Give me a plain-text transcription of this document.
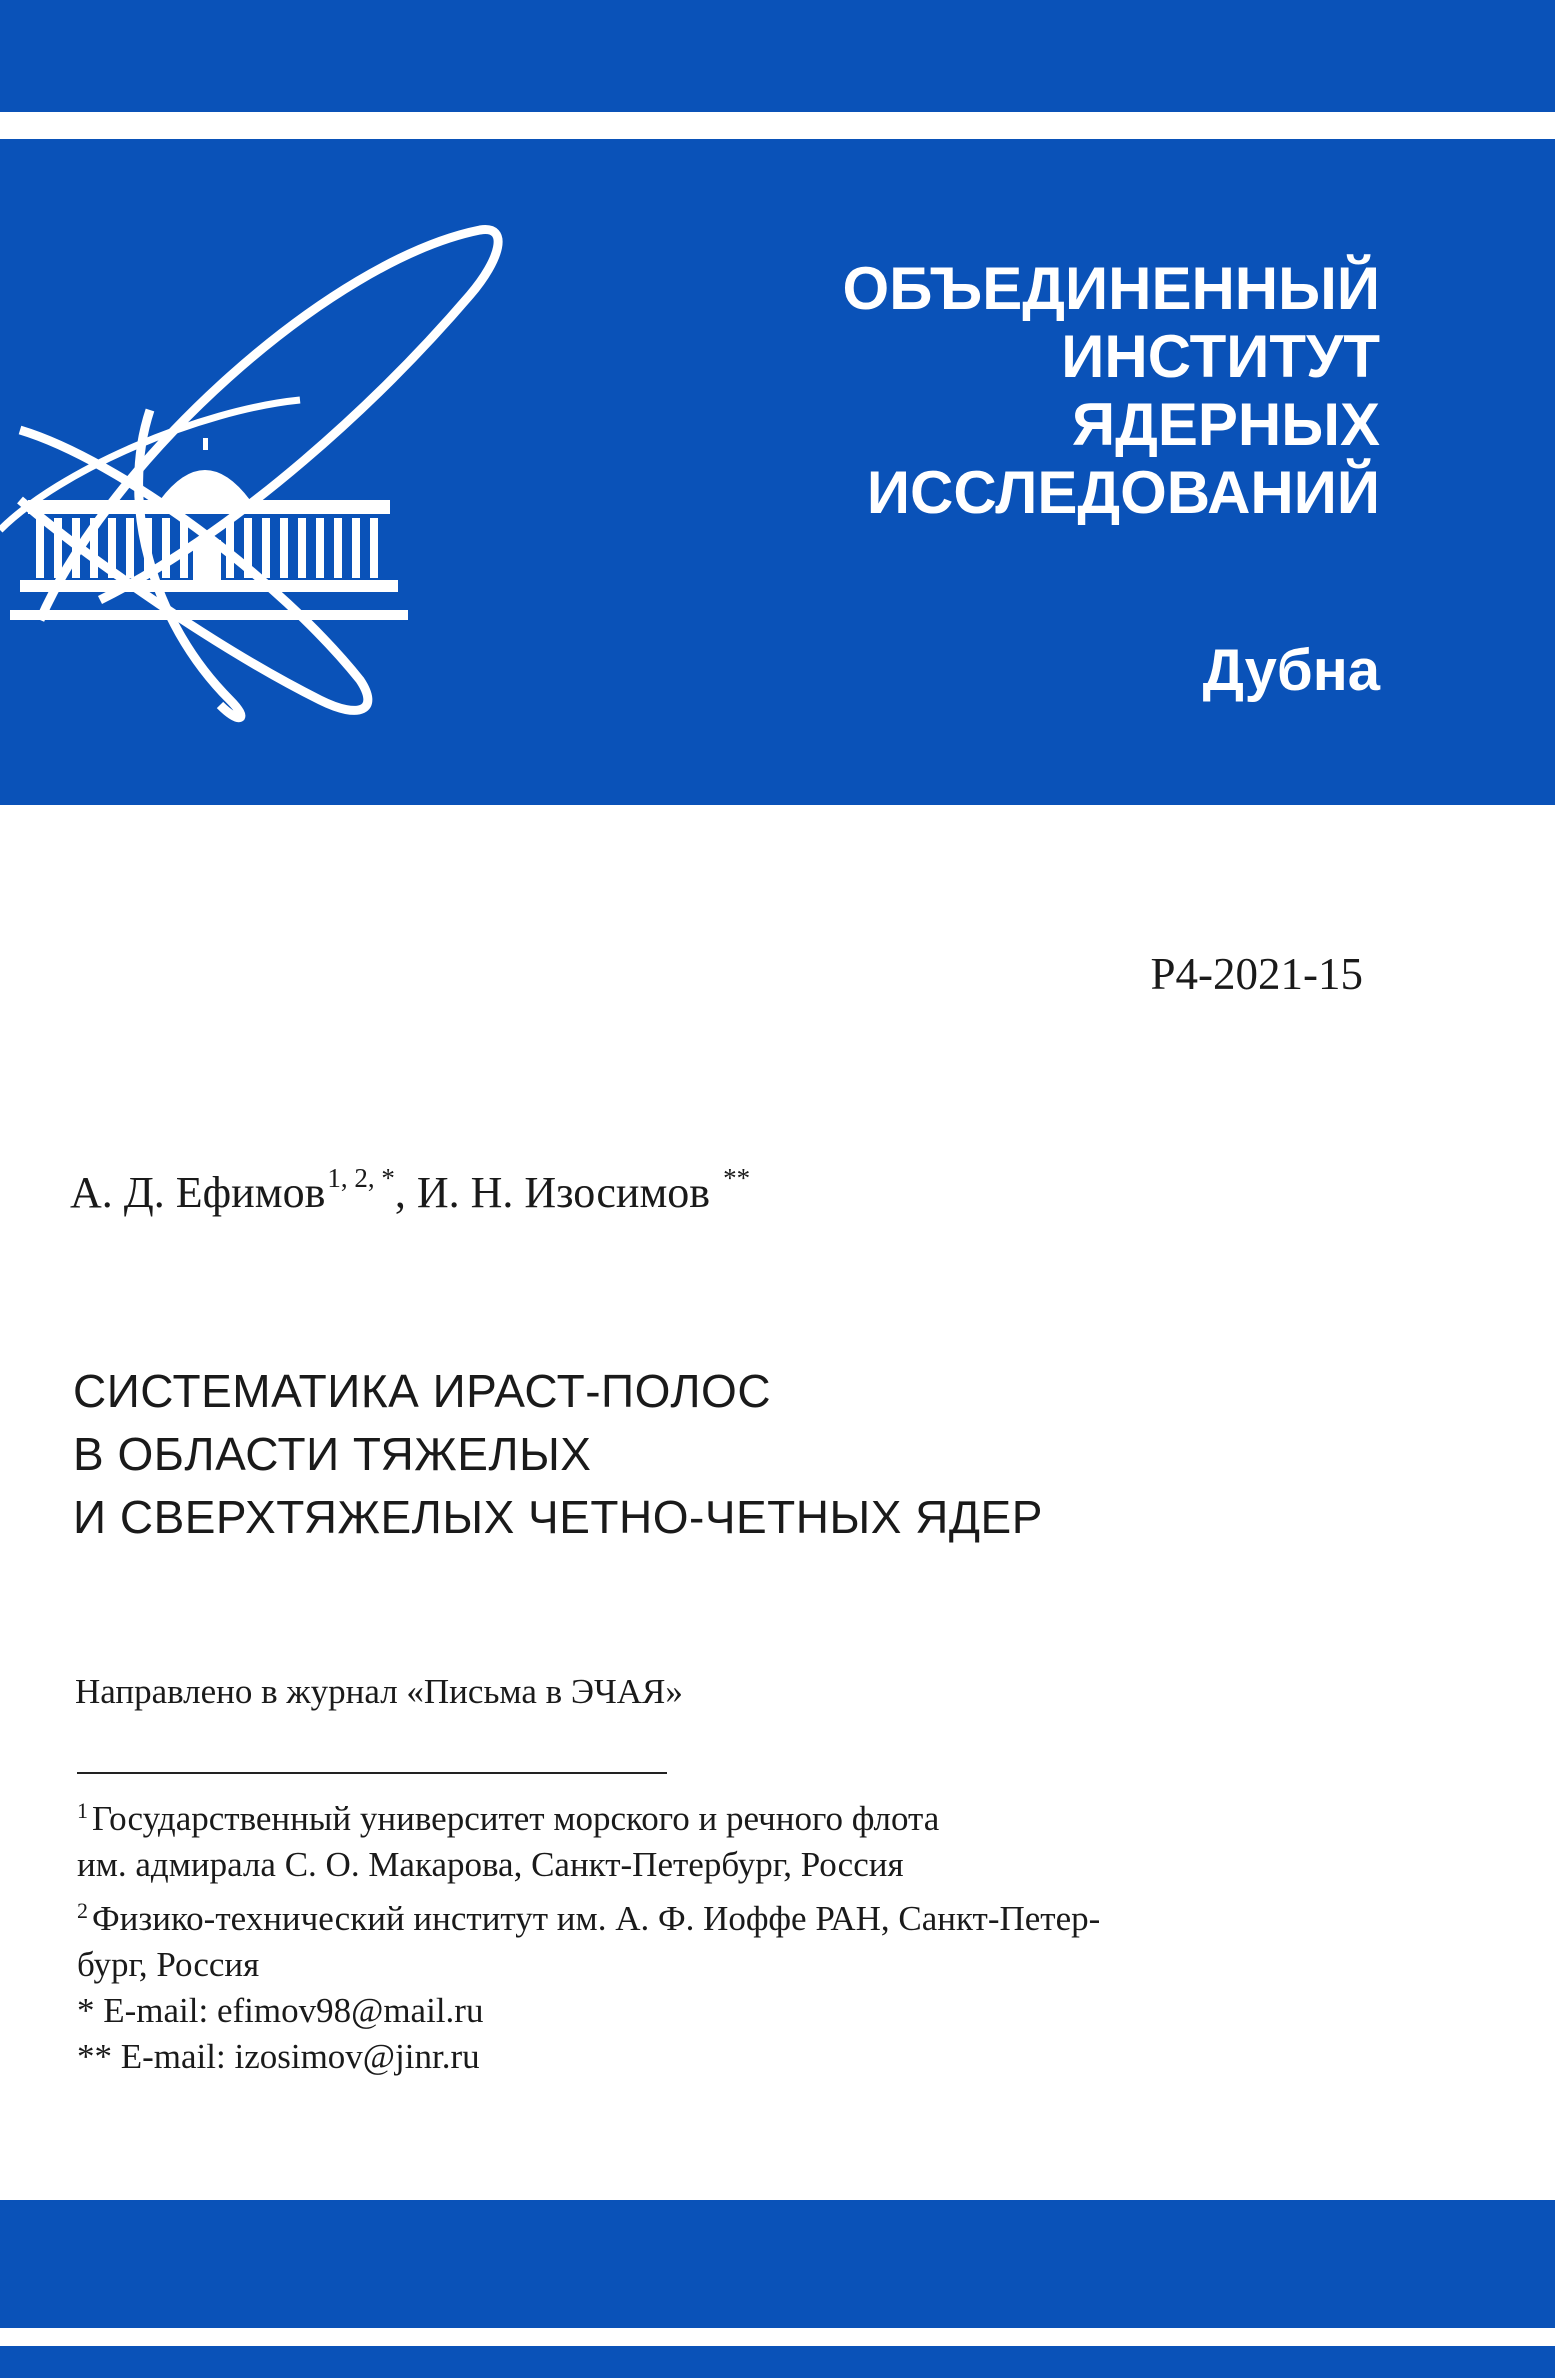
ОБЪЕДИНЕННЫЙ
ИНСТИТУТ
ЯДЕРНЫХ
ИССЛЕДОВАНИЙ
Дубна
Р4-2021-15
А. Д. Ефимов$^{1, 2, *}$, И. Н. Изосимов **
СИСТЕМАТИКА ИРАСТ-ПОЛОС
В ОБЛАСТИ ТЯЖЕЛЫХ
И СВЕРХТЯЖЕЛЫХ ЧЕТНО-ЧЕТНЫХ ЯДЕР
Направлено в журнал «Письма в ЭЧАЯ»
$^1$ Государственный университет морского и речного флота
им. адмирала С. О. Макарова, Санкт-Петербург, Россия
$^2$ Физико-технический институт им. А. Ф. Иоффе РАН, Санкт-Петер-
бург, Россия
* E-mail: efimov98@mail.ru
** E-mail: izosimov@jinr.ru
